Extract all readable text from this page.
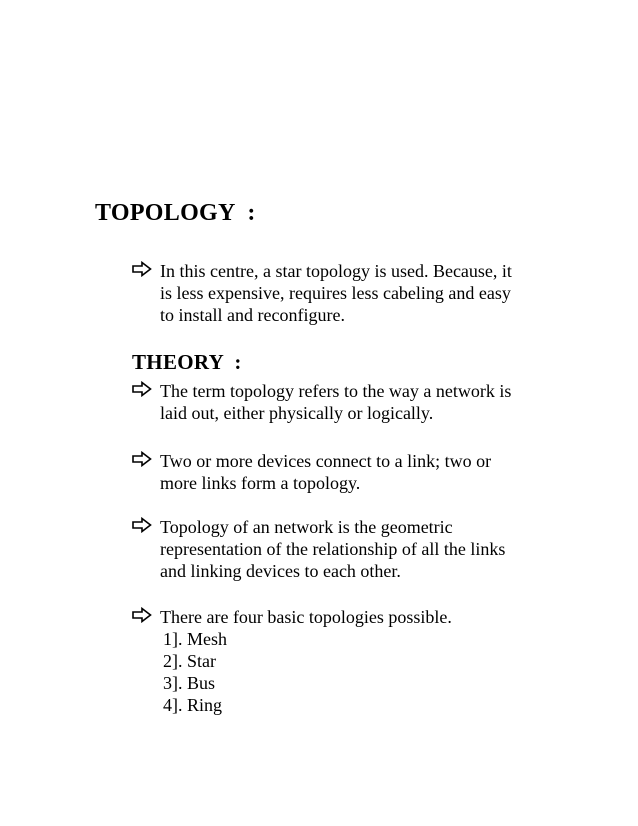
TOPOLOGY  :
In this centre, a star topology is used. Because, it
is less expensive, requires less cabeling and easy
to install and reconfigure.
THEORY  :
The term topology refers to the way a network is
laid out, either physically or logically.
Two or more devices connect to a link; two or
more links form a topology.
Topology of an network is the geometric
representation of the relationship of all the links
and linking devices to each other.
There are four basic topologies possible.
1]. Mesh
2]. Star
3]. Bus
4]. Ring
